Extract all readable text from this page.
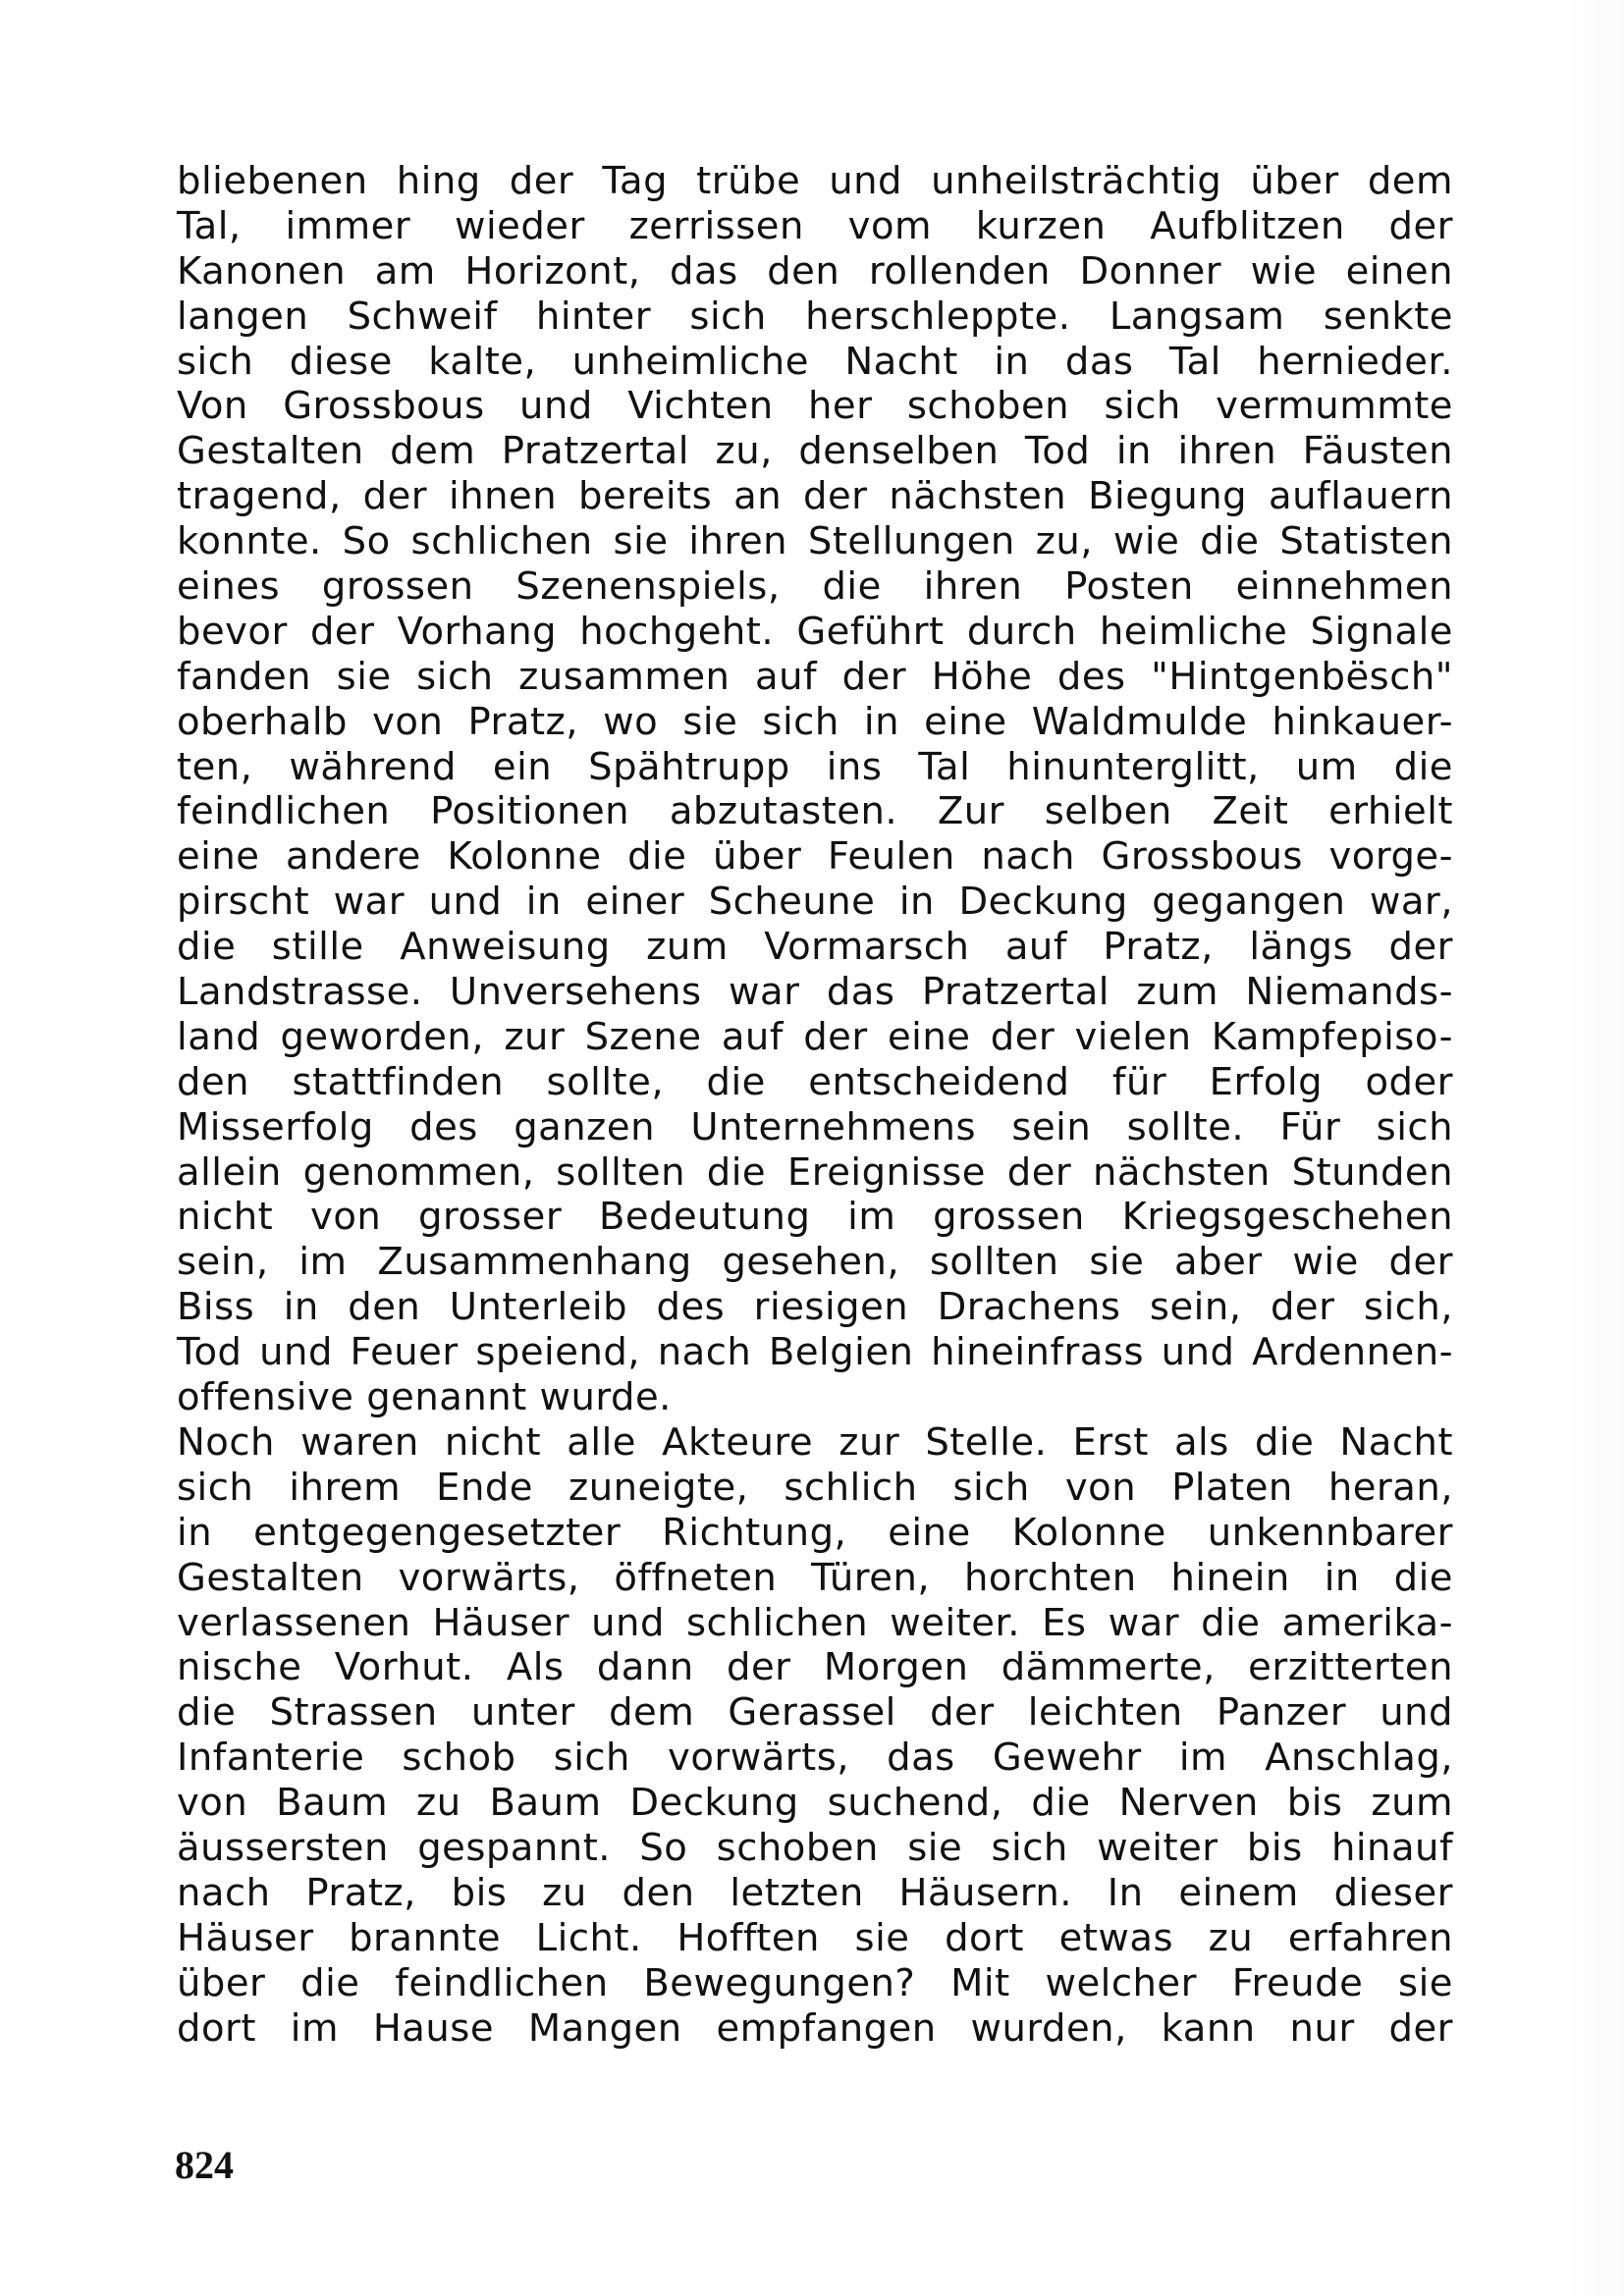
bliebenen hing der Tag trübe und unheilsträchtig über dem
Tal, immer wieder zerrissen vom kurzen Aufblitzen der
Kanonen am Horizont, das den rollenden Donner wie einen
langen Schweif hinter sich herschleppte. Langsam senkte
sich diese kalte, unheimliche Nacht in das Tal hernieder.
Von Grossbous und Vichten her schoben sich vermummte
Gestalten dem Pratzertal zu, denselben Tod in ihren Fäusten
tragend, der ihnen bereits an der nächsten Biegung auflauern
konnte. So schlichen sie ihren Stellungen zu, wie die Statisten
eines grossen Szenenspiels, die ihren Posten einnehmen
bevor der Vorhang hochgeht. Geführt durch heimliche Signale
fanden sie sich zusammen auf der Höhe des "Hintgenbësch"
oberhalb von Pratz, wo sie sich in eine Waldmulde hinkauer-
ten, während ein Spähtrupp ins Tal hinunterglitt, um die
feindlichen Positionen abzutasten. Zur selben Zeit erhielt
eine andere Kolonne die über Feulen nach Grossbous vorge-
pirscht war und in einer Scheune in Deckung gegangen war,
die stille Anweisung zum Vormarsch auf Pratz, längs der
Landstrasse. Unversehens war das Pratzertal zum Niemands-
land geworden, zur Szene auf der eine der vielen Kampfepiso-
den stattfinden sollte, die entscheidend für Erfolg oder
Misserfolg des ganzen Unternehmens sein sollte. Für sich
allein genommen, sollten die Ereignisse der nächsten Stunden
nicht von grosser Bedeutung im grossen Kriegsgeschehen
sein, im Zusammenhang gesehen, sollten sie aber wie der
Biss in den Unterleib des riesigen Drachens sein, der sich,
Tod und Feuer speiend, nach Belgien hineinfrass und Ardennen-
offensive genannt wurde.
Noch waren nicht alle Akteure zur Stelle. Erst als die Nacht
sich ihrem Ende zuneigte, schlich sich von Platen heran,
in entgegengesetzter Richtung, eine Kolonne unkennbarer
Gestalten vorwärts, öffneten Türen, horchten hinein in die
verlassenen Häuser und schlichen weiter. Es war die amerika-
nische Vorhut. Als dann der Morgen dämmerte, erzitterten
die Strassen unter dem Gerassel der leichten Panzer und
Infanterie schob sich vorwärts, das Gewehr im Anschlag,
von Baum zu Baum Deckung suchend, die Nerven bis zum
äussersten gespannt. So schoben sie sich weiter bis hinauf
nach Pratz, bis zu den letzten Häusern. In einem dieser
Häuser brannte Licht. Hofften sie dort etwas zu erfahren
über die feindlichen Bewegungen? Mit welcher Freude sie
dort im Hause Mangen empfangen wurden, kann nur der
824
